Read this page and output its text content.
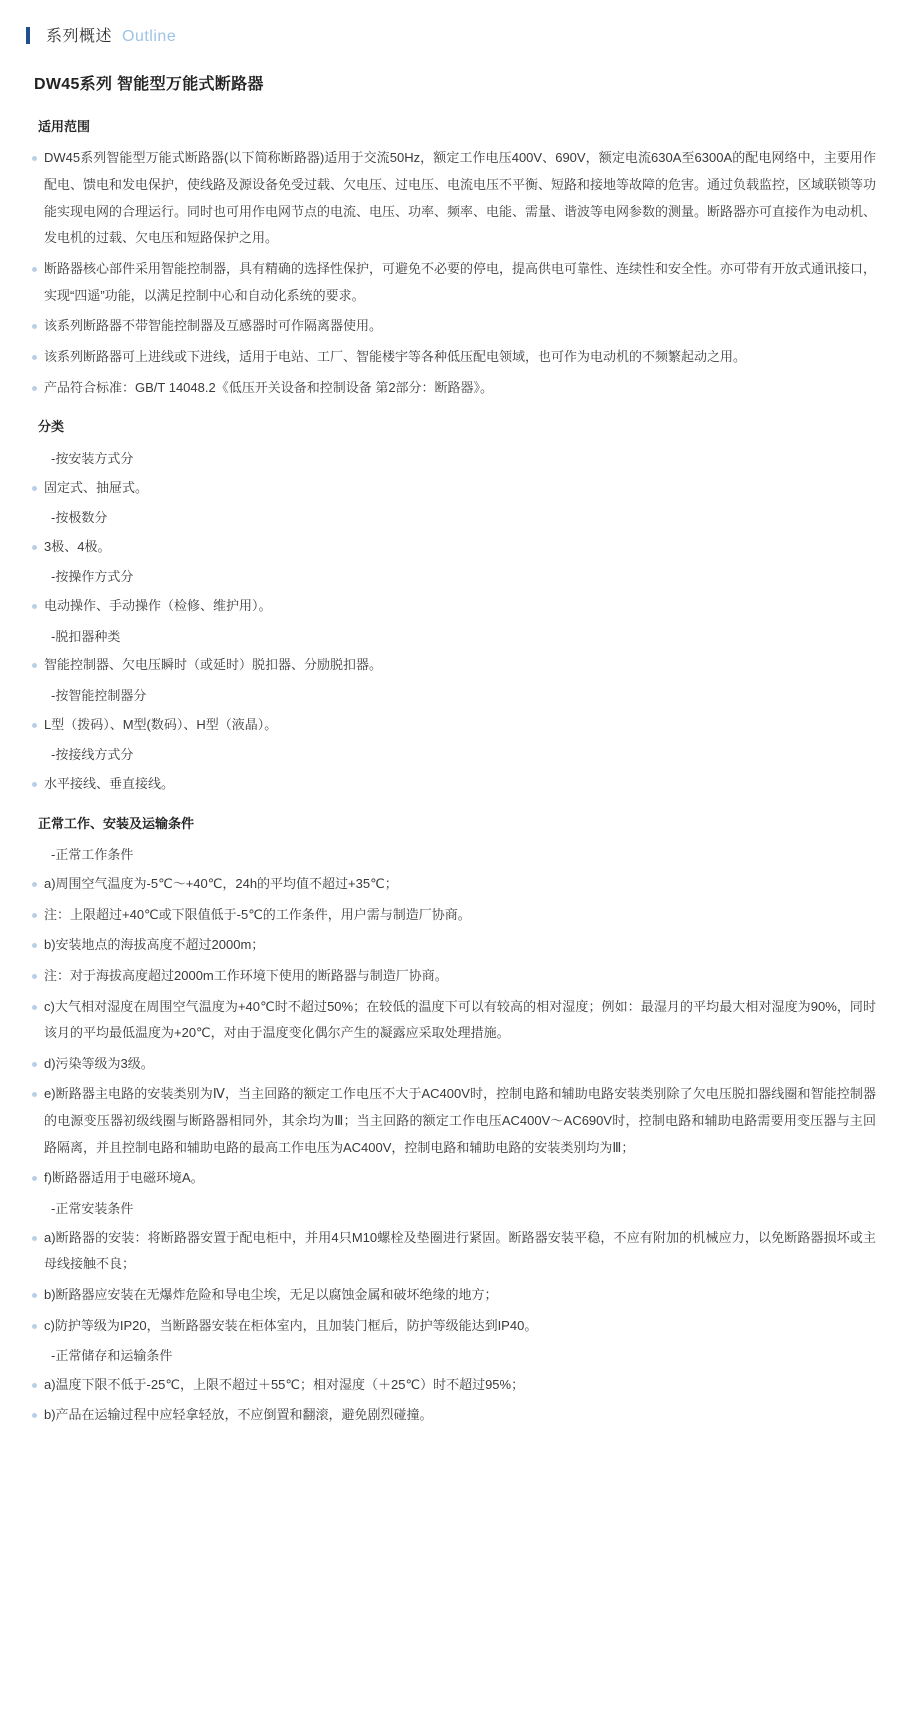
系列概述 Outline
DW45系列 智能型万能式断路器
适用范围
DW45系列智能型万能式断路器(以下简称断路器)适用于交流50Hz，额定工作电压400V、690V，额定电流630A至6300A的配电网络中，主要用作配电、馈电和发电保护，使线路及源设备免受过载、欠电压、过电压、电流电压不平衡、短路和接地等故障的危害。通过负载监控，区域联锁等功能实现电网的合理运行。同时也可用作电网节点的电流、电压、功率、频率、电能、需量、谐波等电网参数的测量。断路器亦可直接作为电动机、发电机的过载、欠电压和短路保护之用。
断路器核心部件采用智能控制器，具有精确的选择性保护，可避免不必要的停电，提高供电可靠性、连续性和安全性。亦可带有开放式通讯接口，实现“四遥”功能，以满足控制中心和自动化系统的要求。
该系列断路器不带智能控制器及互感器时可作隔离器使用。
该系列断路器可上进线或下进线，适用于电站、工厂、智能楼宇等各种低压配电领域，也可作为电动机的不频繁起动之用。
产品符合标准：GB/T 14048.2《低压开关设备和控制设备 第2部分：断路器》。
分类
-按安装方式分
固定式、抽屉式。
-按极数分
3极、4极。
-按操作方式分
电动操作、手动操作（检修、维护用）。
-脱扣器种类
智能控制器、欠电压瞬时（或延时）脱扣器、分励脱扣器。
-按智能控制器分
L型（拨码）、M型(数码）、H型（液晶）。
-按接线方式分
水平接线、垂直接线。
正常工作、安装及运输条件
-正常工作条件
a)周围空气温度为-5℃～+40℃，24h的平均值不超过+35℃；
注：上限超过+40℃或下限值低于-5℃的工作条件，用户需与制造厂协商。
b)安装地点的海拔高度不超过2000m；
注：对于海拔高度超过2000m工作环境下使用的断路器与制造厂协商。
c)大气相对湿度在周围空气温度为+40℃时不超过50%；在较低的温度下可以有较高的相对湿度；例如：最湿月的平均最大相对湿度为90%，同时该月的平均最低温度为+20℃，对由于温度变化偶尔产生的凝露应采取处理措施。
d)污染等级为3级。
e)断路器主电路的安装类别为Ⅳ，当主回路的额定工作电压不大于AC400V时，控制电路和辅助电路安装类别除了欠电压脱扣器线圈和智能控制器的电源变压器初级线圈与断路器相同外，其余均为Ⅲ；当主回路的额定工作电压AC400V～AC690V时，控制电路和辅助电路需要用变压器与主回路隔离，并且控制电路和辅助电路的最高工作电压为AC400V，控制电路和辅助电路的安装类别均为Ⅲ；
f)断路器适用于电磁环境A。
-正常安装条件
a)断路器的安装：将断路器安置于配电柜中，并用4只M10螺栓及垫圈进行紧固。断路器安装平稳，不应有附加的机械应力，以免断路器损坏或主母线接触不良；
b)断路器应安装在无爆炸危险和导电尘埃，无足以腐蚀金属和破坏绝缘的地方；
c)防护等级为IP20，当断路器安装在柜体室内，且加装门框后，防护等级能达到IP40。
-正常储存和运输条件
a)温度下限不低于-25℃，上限不超过＋55℃；相对湿度（＋25℃）时不超过95%；
b)产品在运输过程中应轻拿轻放，不应倒置和翻滚，避免剧烈碰撞。
